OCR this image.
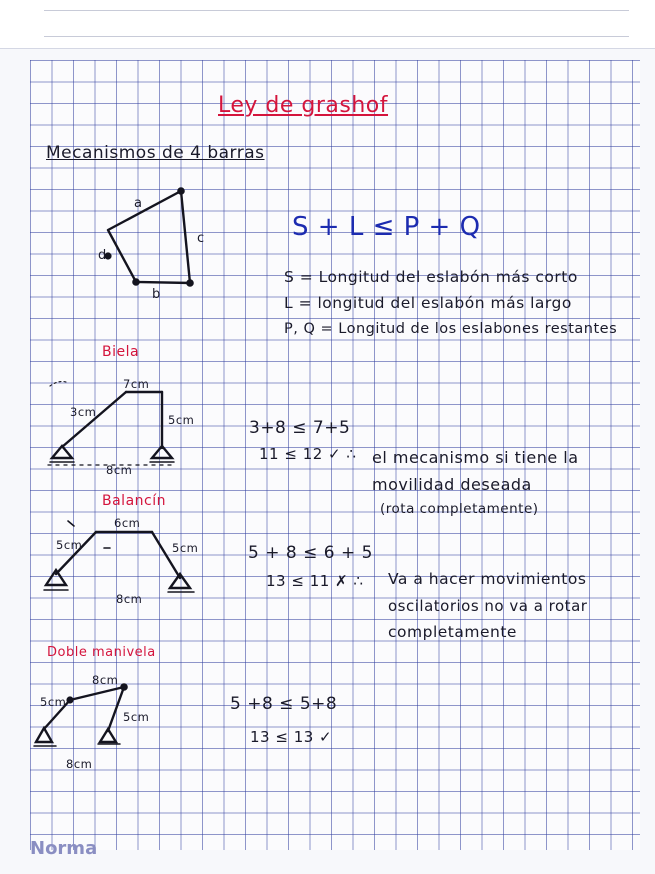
Ley de grashof
Mecanismos de 4 barras
S + L ≤ P + Q
S = Longitud del eslabón más corto
L = longitud del eslabón más largo
P, Q = Longitud de los eslabones restantes
Biela
Balancín
Doble manivela
3+8 ≤ 7+5
11 ≤ 12 ✓ ∴ el mecanismo si tiene la
movilidad deseada
(rota completamente)
5 + 8 ≤ 6 + 5
13 ≤ 11 ✗ ∴ Va a hacer movimientos
oscilatorios no va a rotar
completamente
5 +8 ≤ 5+8
13 ≤ 13 ✓
a
c
b
d
7cm
3cm
5cm
8cm
6cm
5cm	5cm
8cm
8cm
5cm
5cm
8cm
Norma
